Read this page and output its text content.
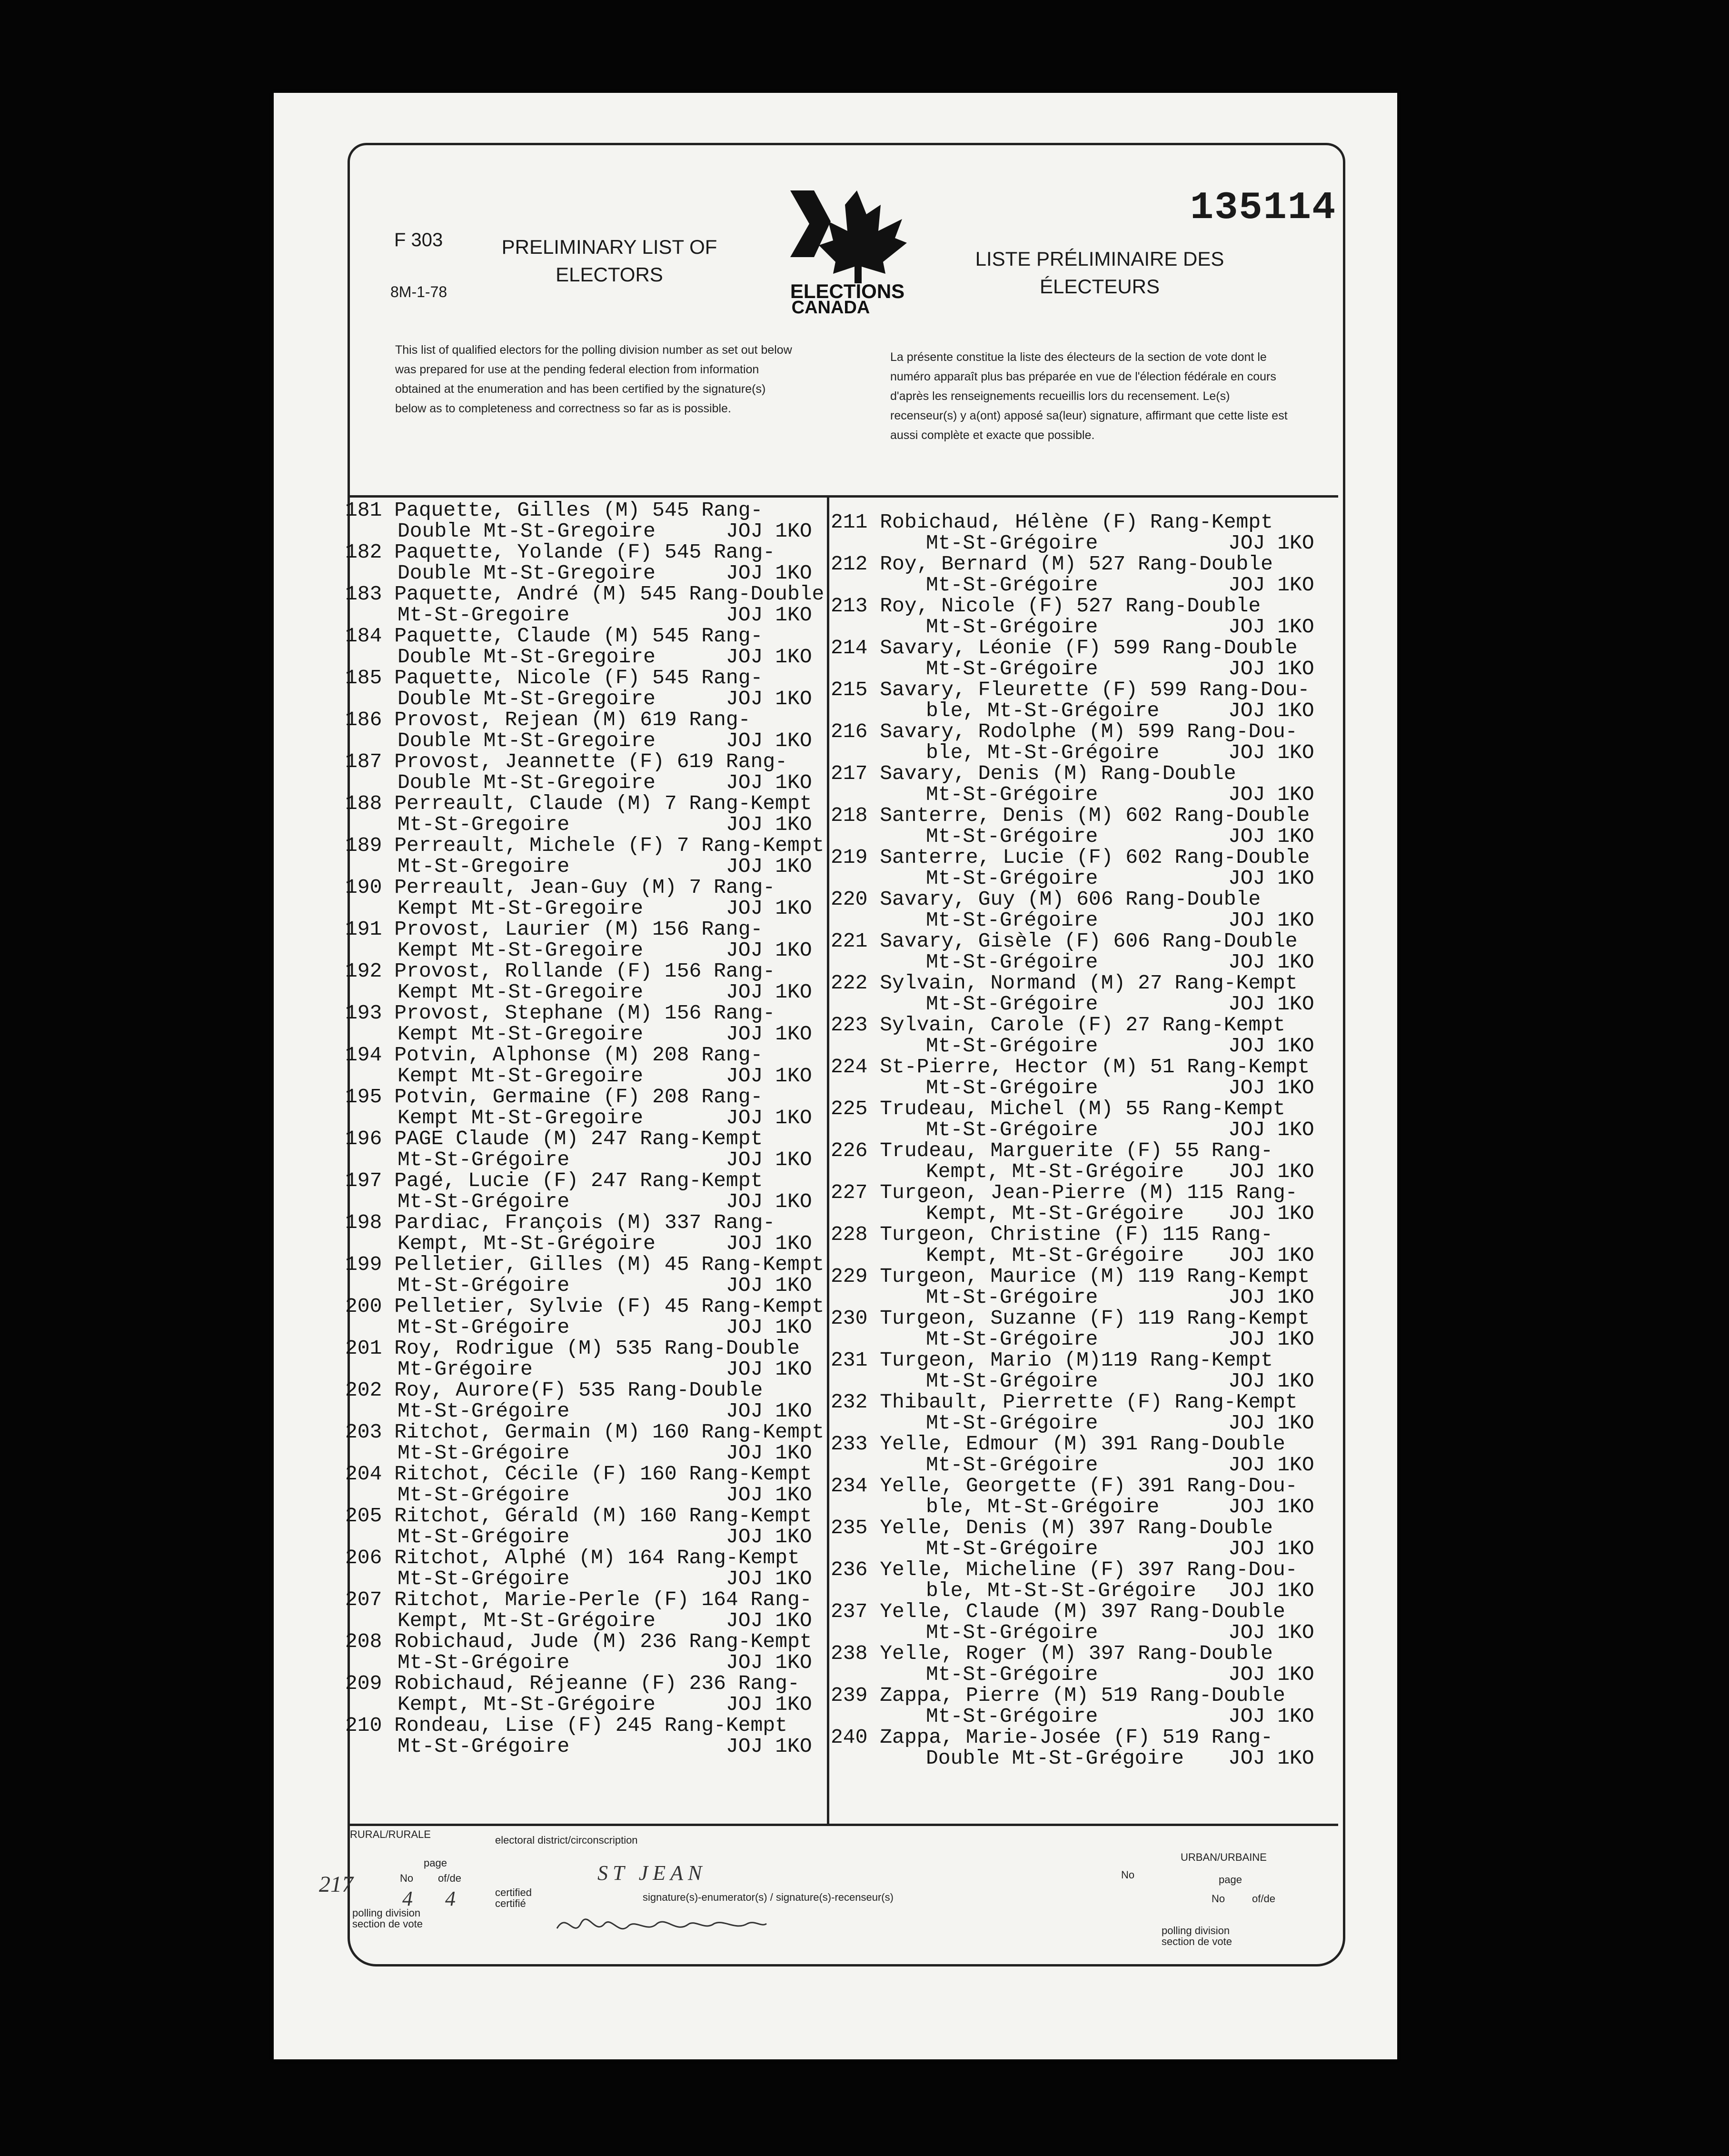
F 303
8M-1-78
PRELIMINARY LIST OF
ELECTORS
ELECTIONS
CANADA
135114
LISTE PRÉLIMINAIRE DES
ÉLECTEURS
This list of qualified electors for the polling division number as set out below was prepared for use at the pending federal election from information obtained at the enumeration and has been certified by the signature(s) below as to completeness and correctness so far as is possible.
La présente constitue la liste des électeurs de la section de vote dont le numéro apparaît plus bas préparée en vue de l'élection fédérale en cours d'après les renseignements recueillis lors du recensement. Le(s) recenseur(s) y a(ont) apposé sa(leur) signature, affirmant que cette liste est aussi complète et exacte que possible.
181 Paquette, Gilles (M) 545 Rang-
Double Mt-St-Gregoire	JOJ 1KO
182 Paquette, Yolande (F) 545 Rang-
Double Mt-St-Gregoire	JOJ 1KO
183 Paquette, André (M) 545 Rang-Double
Mt-St-Gregoire	JOJ 1KO
184 Paquette, Claude (M) 545 Rang-
Double Mt-St-Gregoire	JOJ 1KO
185 Paquette, Nicole (F) 545 Rang-
Double Mt-St-Gregoire	JOJ 1KO
186 Provost, Rejean (M) 619 Rang-
Double Mt-St-Gregoire	JOJ 1KO
187 Provost, Jeannette (F) 619 Rang-
Double Mt-St-Gregoire	JOJ 1KO
188 Perreault, Claude (M) 7 Rang-Kempt
Mt-St-Gregoire	JOJ 1KO
189 Perreault, Michele (F) 7 Rang-Kempt
Mt-St-Gregoire	JOJ 1KO
190 Perreault, Jean-Guy (M) 7 Rang-
Kempt Mt-St-Gregoire	JOJ 1KO
191 Provost, Laurier (M) 156 Rang-
Kempt Mt-St-Gregoire	JOJ 1KO
192 Provost, Rollande (F) 156 Rang-
Kempt Mt-St-Gregoire	JOJ 1KO
193 Provost, Stephane (M) 156 Rang-
Kempt Mt-St-Gregoire	JOJ 1KO
194 Potvin, Alphonse (M) 208 Rang-
Kempt Mt-St-Gregoire	JOJ 1KO
195 Potvin, Germaine (F) 208 Rang-
Kempt Mt-St-Gregoire	JOJ 1KO
196 PAGE Claude (M) 247 Rang-Kempt
Mt-St-Grégoire	JOJ 1KO
197 Pagé, Lucie (F) 247 Rang-Kempt
Mt-St-Grégoire	JOJ 1KO
198 Pardiac, François (M) 337 Rang-
Kempt, Mt-St-Grégoire	JOJ 1KO
199 Pelletier, Gilles (M) 45 Rang-Kempt
Mt-St-Grégoire	JOJ 1KO
200 Pelletier, Sylvie (F) 45 Rang-Kempt
Mt-St-Grégoire	JOJ 1KO
201 Roy, Rodrigue (M) 535 Rang-Double
Mt-Grégoire	JOJ 1KO
202 Roy, Aurore(F) 535 Rang-Double
Mt-St-Grégoire	JOJ 1KO
203 Ritchot, Germain (M) 160 Rang-Kempt
Mt-St-Grégoire	JOJ 1KO
204 Ritchot, Cécile (F) 160 Rang-Kempt
Mt-St-Grégoire	JOJ 1KO
205 Ritchot, Gérald (M) 160 Rang-Kempt
Mt-St-Grégoire	JOJ 1KO
206 Ritchot, Alphé (M) 164 Rang-Kempt
Mt-St-Grégoire	JOJ 1KO
207 Ritchot, Marie-Perle (F) 164 Rang-
Kempt, Mt-St-Grégoire	JOJ 1KO
208 Robichaud, Jude (M) 236 Rang-Kempt
Mt-St-Grégoire	JOJ 1KO
209 Robichaud, Réjeanne (F) 236 Rang-
Kempt, Mt-St-Grégoire	JOJ 1KO
210 Rondeau, Lise (F) 245 Rang-Kempt
Mt-St-Grégoire	JOJ 1KO
211 Robichaud, Hélène (F) Rang-Kempt
Mt-St-Grégoire	JOJ 1KO
212 Roy, Bernard (M) 527 Rang-Double
Mt-St-Grégoire	JOJ 1KO
213 Roy, Nicole (F) 527 Rang-Double
Mt-St-Grégoire	JOJ 1KO
214 Savary, Léonie (F) 599 Rang-Double
Mt-St-Grégoire	JOJ 1KO
215 Savary, Fleurette (F) 599 Rang-Dou-
ble, Mt-St-Grégoire	JOJ 1KO
216 Savary, Rodolphe (M) 599 Rang-Dou-
ble, Mt-St-Grégoire	JOJ 1KO
217 Savary, Denis (M) Rang-Double
Mt-St-Grégoire	JOJ 1KO
218 Santerre, Denis (M) 602 Rang-Double
Mt-St-Grégoire	JOJ 1KO
219 Santerre, Lucie (F) 602 Rang-Double
Mt-St-Grégoire	JOJ 1KO
220 Savary, Guy (M) 606 Rang-Double
Mt-St-Grégoire	JOJ 1KO
221 Savary, Gisèle (F) 606 Rang-Double
Mt-St-Grégoire	JOJ 1KO
222 Sylvain, Normand (M) 27 Rang-Kempt
Mt-St-Grégoire	JOJ 1KO
223 Sylvain, Carole (F) 27 Rang-Kempt
Mt-St-Grégoire	JOJ 1KO
224 St-Pierre, Hector (M) 51 Rang-Kempt
Mt-St-Grégoire	JOJ 1KO
225 Trudeau, Michel (M) 55 Rang-Kempt
Mt-St-Grégoire	JOJ 1KO
226 Trudeau, Marguerite (F) 55 Rang-
Kempt, Mt-St-Grégoire JOJ 1KO
227 Turgeon, Jean-Pierre (M) 115 Rang-
Kempt, Mt-St-Grégoire JOJ 1KO
228 Turgeon, Christine (F) 115 Rang-
Kempt, Mt-St-Grégoire JOJ 1KO
229 Turgeon, Maurice (M) 119 Rang-Kempt
Mt-St-Grégoire	JOJ 1KO
230 Turgeon, Suzanne (F) 119 Rang-Kempt
Mt-St-Grégoire	JOJ 1KO
231 Turgeon, Mario (M)119 Rang-Kempt
Mt-St-Grégoire	JOJ 1KO
232 Thibault, Pierrette (F) Rang-Kempt
Mt-St-Grégoire	JOJ 1KO
233 Yelle, Edmour (M) 391 Rang-Double
Mt-St-Grégoire	JOJ 1KO
234 Yelle, Georgette (F) 391 Rang-Dou-
ble, Mt-St-Grégoire	JOJ 1KO
235 Yelle, Denis (M) 397 Rang-Double
Mt-St-Grégoire	JOJ 1KO
236 Yelle, Micheline (F) 397 Rang-Dou-
ble, Mt-St-St-Grégoire JOJ 1KO
237 Yelle, Claude (M) 397 Rang-Double
Mt-St-Grégoire	JOJ 1KO
238 Yelle, Roger (M) 397 Rang-Double
Mt-St-Grégoire	JOJ 1KO
239 Zappa, Pierre (M) 519 Rang-Double
Mt-St-Grégoire	JOJ 1KO
240 Zappa, Marie-Josée (F) 519 Rang-
Double Mt-St-Grégoire JOJ 1KO
RURAL/RURALE	electoral district/circonscription
URBAN/URBAINE
page
page
No of/de	No
No	of/de
certified
certifié
signature(s)-enumerator(s) / signature(s)-recenseur(s)
polling division
section de vote
polling division
section de vote
ST JEAN
217
4 4
